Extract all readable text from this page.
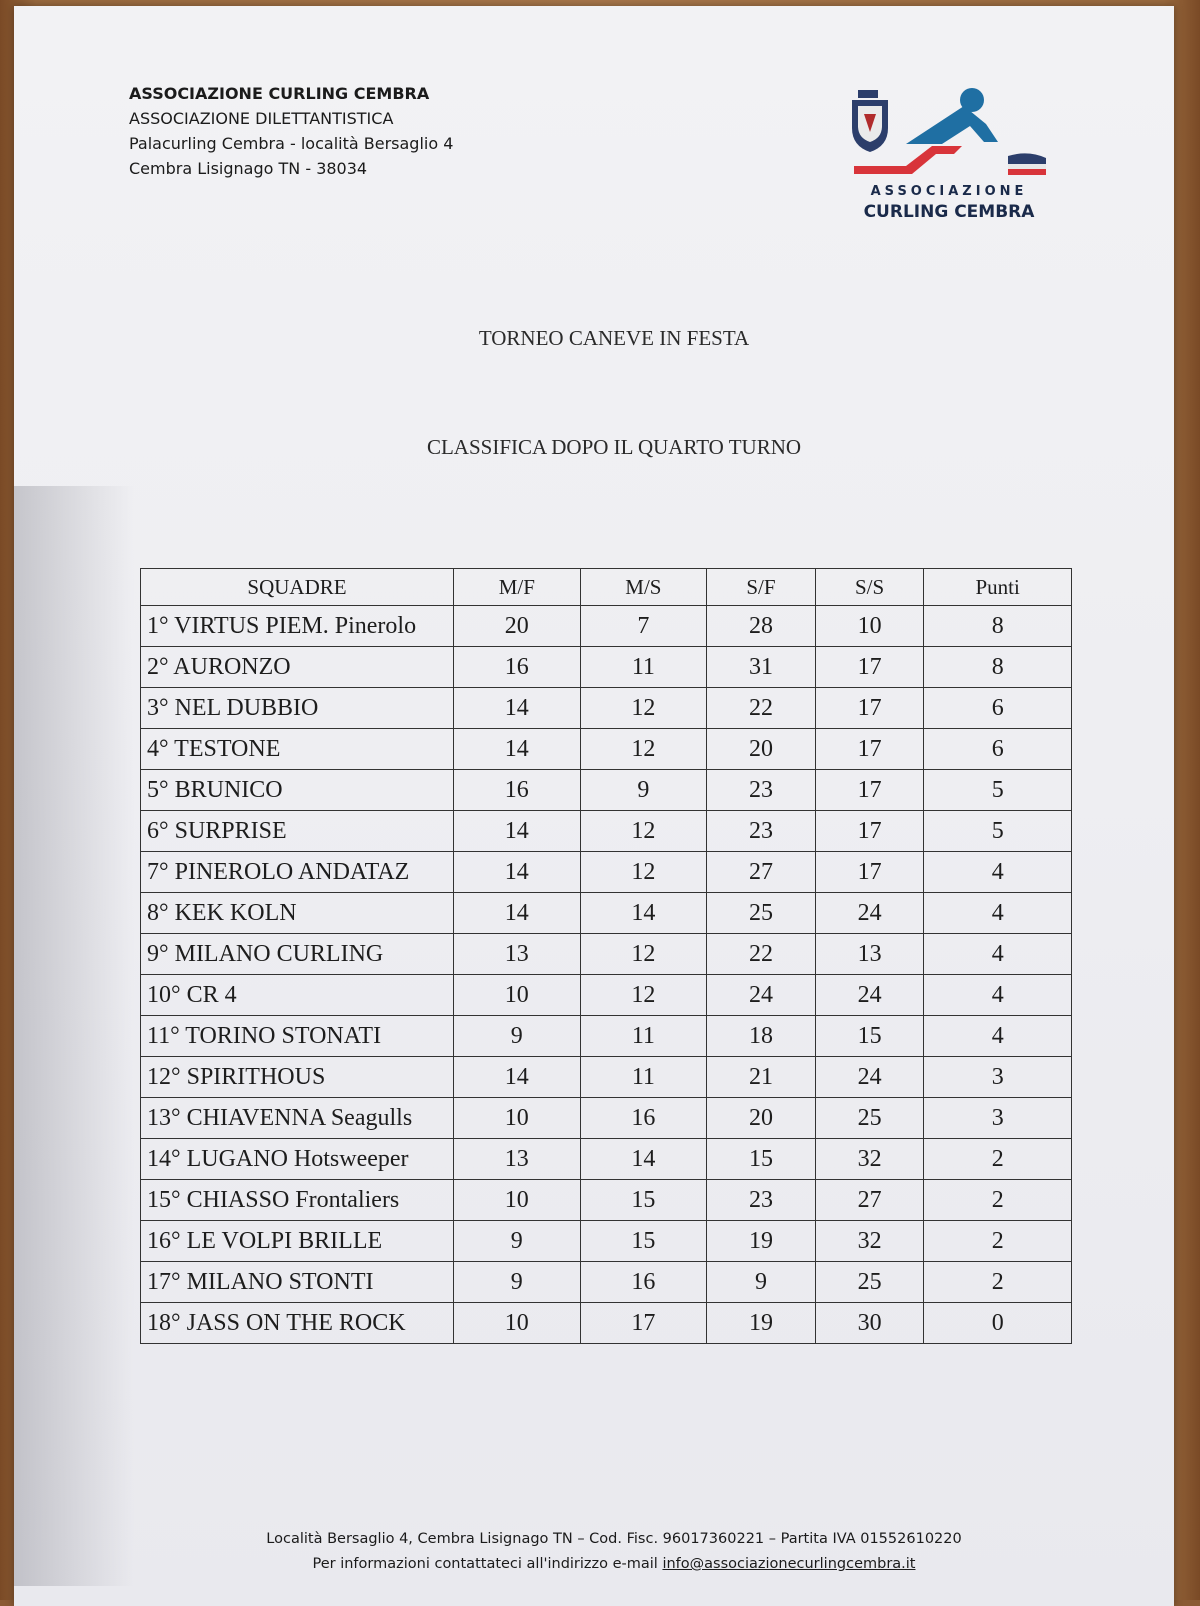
ASSOCIAZIONE CURLING CEMBRA
ASSOCIAZIONE DILETTANTISTICA
Palacurling Cembra - località Bersaglio 4
Cembra Lisignago TN - 38034
ASSOCIAZIONE
CURLING CEMBRA
TORNEO CANEVE IN FESTA
CLASSIFICA DOPO IL QUARTO TURNO
SQUADRE	M/F	M/S	S/F	S/S	Punti
1° VIRTUS PIEM. Pinerolo	20	7	28	10	8
2° AURONZO	16	11	31	17	8
3° NEL DUBBIO	14	12	22	17	6
4° TESTONE	14	12	20	17	6
5° BRUNICO	16	9	23	17	5
6° SURPRISE	14	12	23	17	5
7° PINEROLO ANDATAZ	14	12	27	17	4
8° KEK KOLN	14	14	25	24	4
9° MILANO CURLING	13	12	22	13	4
10° CR 4	10	12	24	24	4
11° TORINO STONATI	9	11	18	15	4
12° SPIRITHOUS	14	11	21	24	3
13° CHIAVENNA Seagulls	10	16	20	25	3
14° LUGANO Hotsweeper	13	14	15	32	2
15° CHIASSO Frontaliers	10	15	23	27	2
16° LE VOLPI BRILLE	9	15	19	32	2
17° MILANO STONTI	9	16	9	25	2
18° JASS ON THE ROCK	10	17	19	30	0
Località Bersaglio 4, Cembra Lisignago TN – Cod. Fisc. 96017360221 – Partita IVA 01552610220
Per informazioni contattateci all'indirizzo e-mail info@associazionecurlingcembra.it
